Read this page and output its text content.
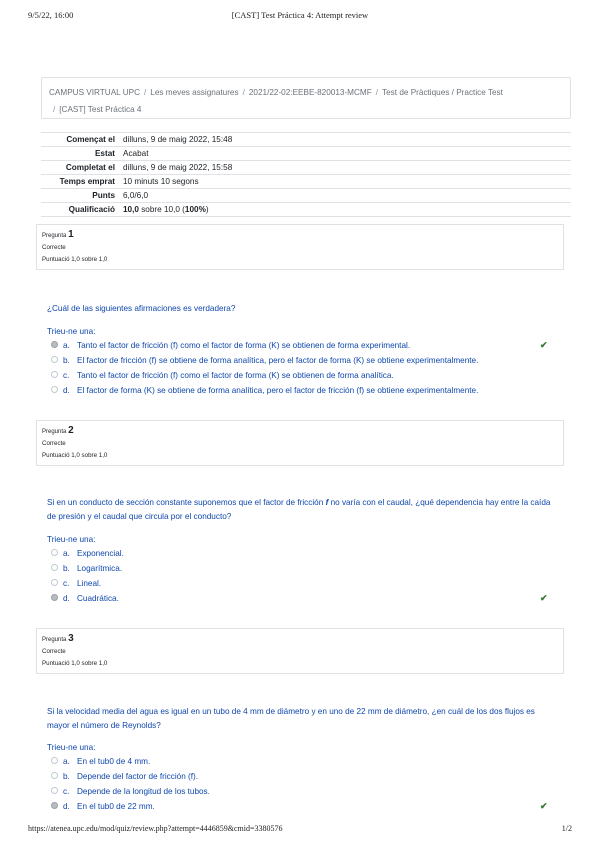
9/5/22, 16:00	[CAST] Test Práctica 4: Attempt review
CAMPUS VIRTUAL UPC / Les meves assignatures / 2021/22-02:EEBE-820013-MCMF / Test de Pràctiques / Practice Test
/ [CAST] Test Práctica 4
Començat el	dilluns, 9 de maig 2022, 15:48
Estat	Acabat
Completat el	dilluns, 9 de maig 2022, 15:58
Temps emprat	10 minuts 10 segons
Punts	6,0/6,0
Qualificació	10,0 sobre 10,0 (100%)
Pregunta 1
Correcte
Puntuació 1,0 sobre 1,0
¿Cuál de las siguientes afirmaciones es verdadera?
Trieu-ne una:
a. Tanto el factor de fricción (f) como el factor de forma (K) se obtienen de forma experimental.	✔
b. El factor de fricción (f) se obtiene de forma analítica, pero el factor de forma (K) se obtiene experimentalmente.
c. Tanto el factor de fricción (f) como el factor de forma (K) se obtienen de forma analítica.
d. El factor de forma (K) se obtiene de forma analítica, pero el factor de fricción (f) se obtiene experimentalmente.
Pregunta 2
Correcte
Puntuació 1,0 sobre 1,0
Si en un conducto de sección constante suponemos que el factor de fricción f no varía con el caudal, ¿qué dependencia hay entre la caída de presión y el caudal que circula por el conducto?
Trieu-ne una:
a. Exponencial.
b. Logarítmica.
c. Lineal.
d. Cuadrática.	✔
Pregunta 3
Correcte
Puntuació 1,0 sobre 1,0
Si la velocidad media del agua es igual en un tubo de 4 mm de diámetro y en uno de 22 mm de diámetro, ¿en cuál de los dos flujos es mayor el número de Reynolds?
Trieu-ne una:
a. En el tub0 de 4 mm.
b. Depende del factor de fricción (f).
c. Depende de la longitud de los tubos.
d. En el tub0 de 22 mm.	✔
https://atenea.upc.edu/mod/quiz/review.php?attempt=4446859&cmid=3380576	1/2
